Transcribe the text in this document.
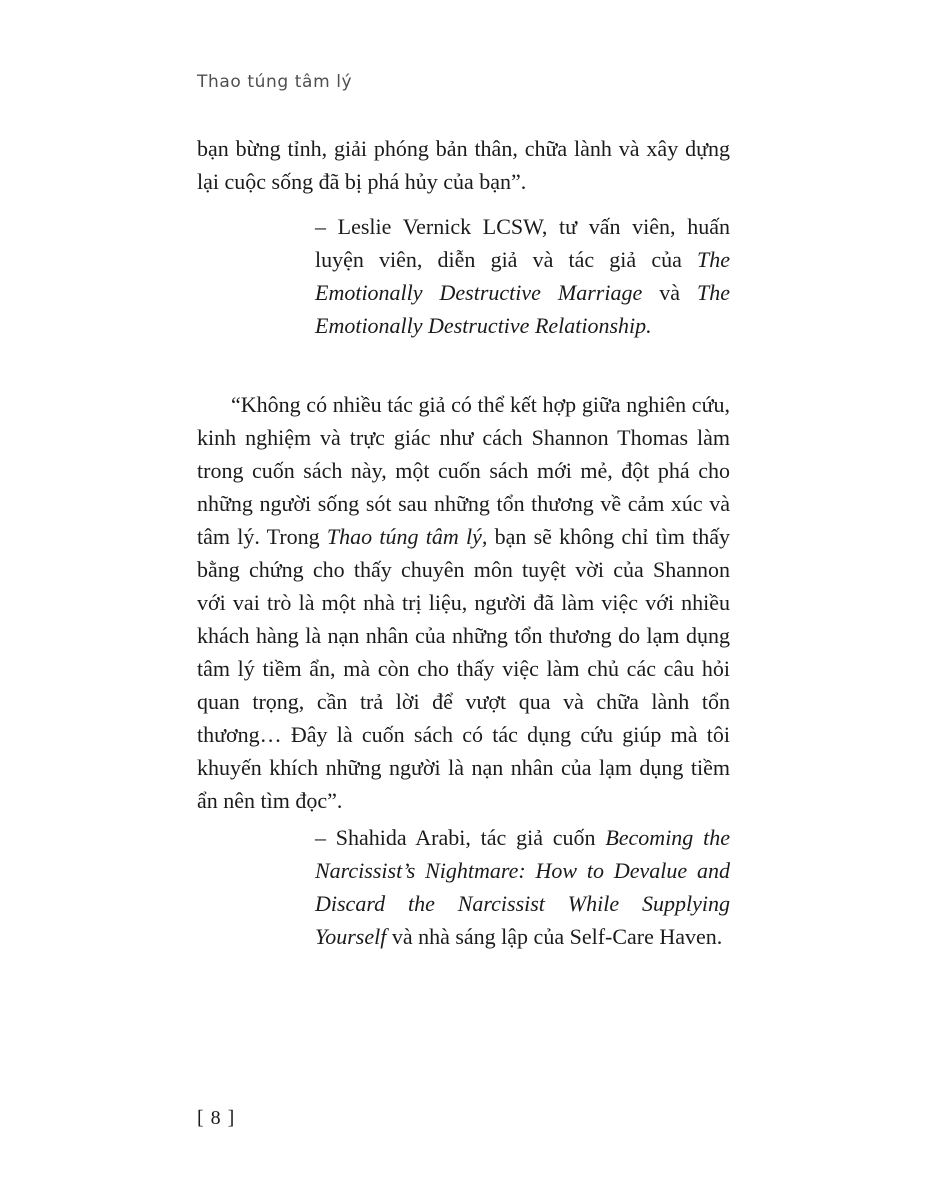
Thao túng tâm lý

bạn bừng tỉnh, giải phóng bản thân, chữa lành và xây dựng lại cuộc sống đã bị phá hủy của bạn”.

– Leslie Vernick LCSW, tư vấn viên, huấn luyện viên, diễn giả và tác giả của The Emotionally Destructive Marriage và The Emotionally Destructive Relationship.

“Không có nhiều tác giả có thể kết hợp giữa nghiên cứu, kinh nghiệm và trực giác như cách Shannon Thomas làm trong cuốn sách này, một cuốn sách mới mẻ, đột phá cho những người sống sót sau những tổn thương về cảm xúc và tâm lý. Trong Thao túng tâm lý, bạn sẽ không chỉ tìm thấy bằng chứng cho thấy chuyên môn tuyệt vời của Shannon với vai trò là một nhà trị liệu, người đã làm việc với nhiều khách hàng là nạn nhân của những tổn thương do lạm dụng tâm lý tiềm ẩn, mà còn cho thấy việc làm chủ các câu hỏi quan trọng, cần trả lời để vượt qua và chữa lành tổn thương… Đây là cuốn sách có tác dụng cứu giúp mà tôi khuyến khích những người là nạn nhân của lạm dụng tiềm ẩn nên tìm đọc”.

– Shahida Arabi, tác giả cuốn Becoming the Narcissist’s Nightmare: How to Devalue and Discard the Narcissist While Supplying Yourself và nhà sáng lập của Self-Care Haven.

[ 8 ]
